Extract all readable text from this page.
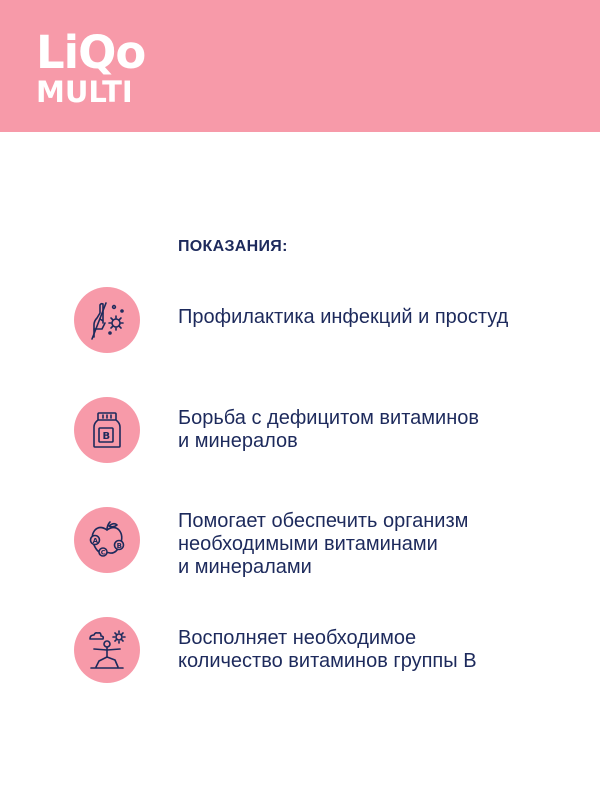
LiQo
MULTI
ПОКАЗАНИЯ:
Профилактика инфекций и простуд
B
Борьба с дефицитом витаминов
и минералов
A
B
C
Помогает обеспечить организм
необходимыми витаминами
и минералами
Восполняет необходимое
количество витаминов группы В
